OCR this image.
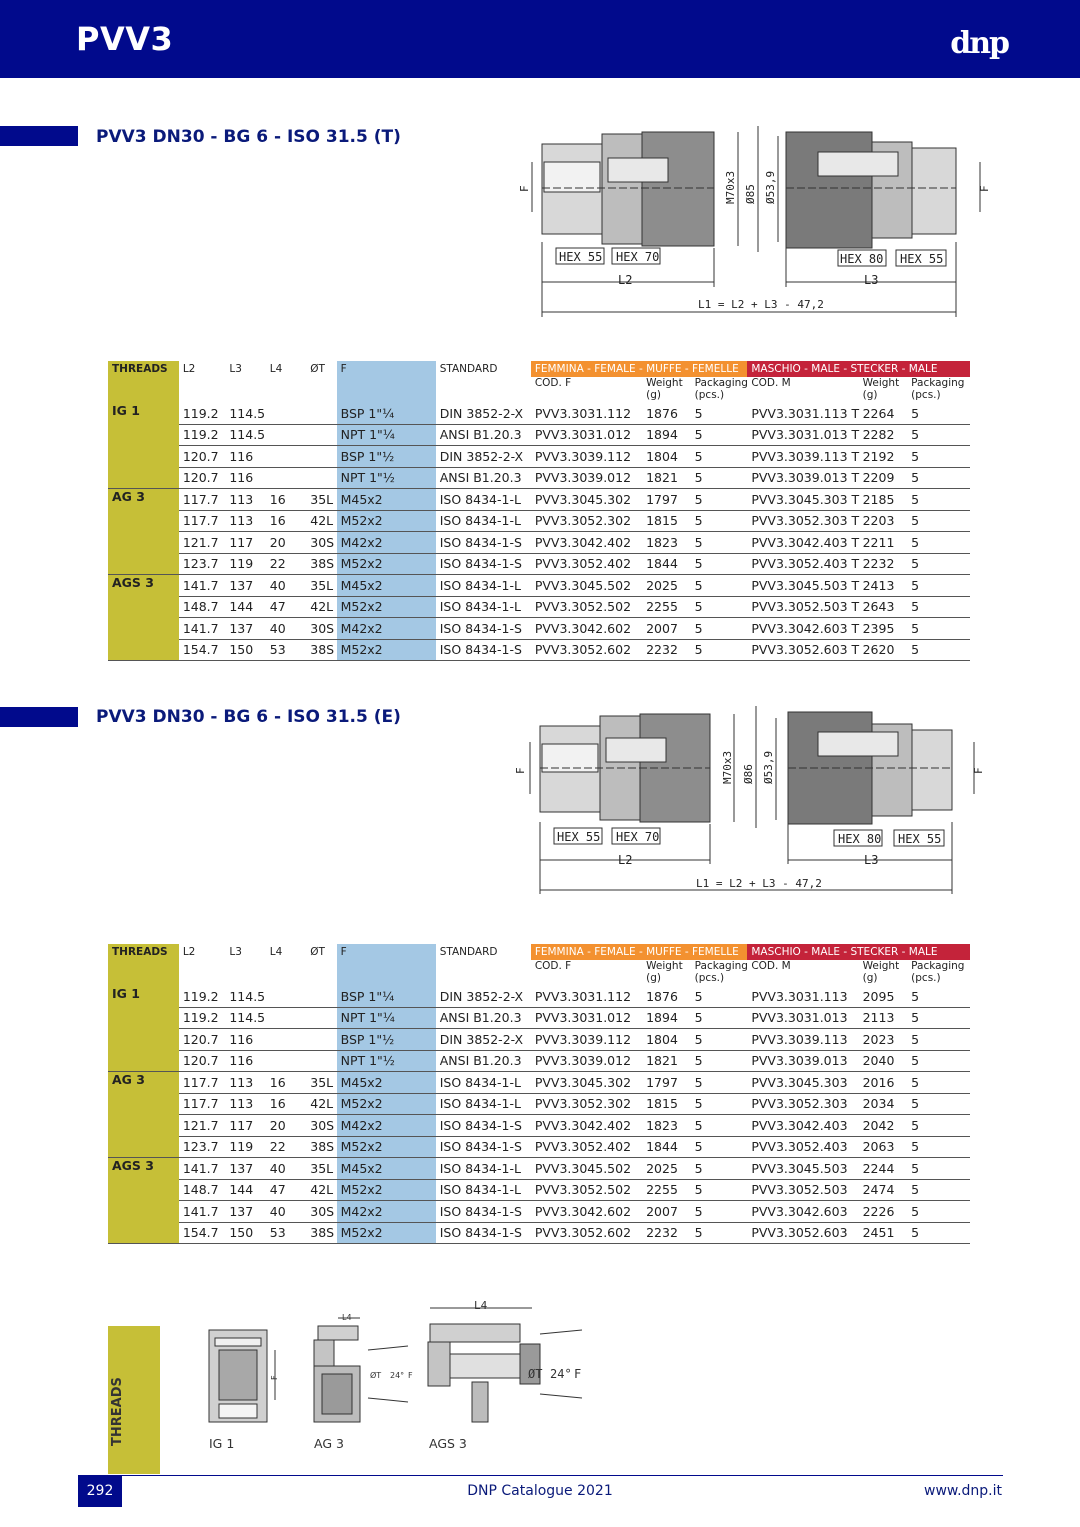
PVV3	dnp
PVV3 DN30 - BG 6 - ISO 31.5 (T)
HEX 55 HEX 70
L2
HEX 80 HEX 55
L3
L1 = L2 + L3 - 47,2
M70x3 Ø85 Ø53,9
F	F
THREADS	L2	L3	L4	ØT	F	STANDARD	FEMMINA - FEMALE - MUFFE - FEMELLE			MASCHIO - MALE - STECKER - MALE		
							COD. F	Weight (g)	Packaging (pcs.)	COD. M	Weight (g)	Packaging (pcs.)
IG 1	119.2	114.5			BSP 1"¼	DIN 3852-2-X	PVV3.3031.112	1876	5	PVV3.3031.113 T	2264	5
	119.2	114.5			NPT 1"¼	ANSI B1.20.3	PVV3.3031.012	1894	5	PVV3.3031.013 T	2282	5
	120.7	116			BSP 1"½	DIN 3852-2-X	PVV3.3039.112	1804	5	PVV3.3039.113 T	2192	5
	120.7	116			NPT 1"½	ANSI B1.20.3	PVV3.3039.012	1821	5	PVV3.3039.013 T	2209	5
AG 3	117.7	113	16	35L	M45x2	ISO 8434-1-L	PVV3.3045.302	1797	5	PVV3.3045.303 T	2185	5
	117.7	113	16	42L	M52x2	ISO 8434-1-L	PVV3.3052.302	1815	5	PVV3.3052.303 T	2203	5
	121.7	117	20	30S	M42x2	ISO 8434-1-S	PVV3.3042.402	1823	5	PVV3.3042.403 T	2211	5
	123.7	119	22	38S	M52x2	ISO 8434-1-S	PVV3.3052.402	1844	5	PVV3.3052.403 T	2232	5
AGS 3	141.7	137	40	35L	M45x2	ISO 8434-1-L	PVV3.3045.502	2025	5	PVV3.3045.503 T	2413	5
	148.7	144	47	42L	M52x2	ISO 8434-1-L	PVV3.3052.502	2255	5	PVV3.3052.503 T	2643	5
	141.7	137	40	30S	M42x2	ISO 8434-1-S	PVV3.3042.602	2007	5	PVV3.3042.603 T	2395	5
	154.7	150	53	38S	M52x2	ISO 8434-1-S	PVV3.3052.602	2232	5	PVV3.3052.603 T	2620	5
PVV3 DN30 - BG 6 - ISO 31.5 (E)
HEX 55 HEX 70
L2
HEX 80 HEX 55
L3
L1 = L2 + L3 - 47,2
M70x3 Ø86 Ø53,9
F	F
THREADS	L2	L3	L4	ØT	F	STANDARD	FEMMINA - FEMALE - MUFFE - FEMELLE			MASCHIO - MALE - STECKER - MALE		
							COD. F	Weight (g)	Packaging (pcs.)	COD. M	Weight (g)	Packaging (pcs.)
IG 1	119.2	114.5			BSP 1"¼	DIN 3852-2-X	PVV3.3031.112	1876	5	PVV3.3031.113	2095	5
	119.2	114.5			NPT 1"¼	ANSI B1.20.3	PVV3.3031.012	1894	5	PVV3.3031.013	2113	5
	120.7	116			BSP 1"½	DIN 3852-2-X	PVV3.3039.112	1804	5	PVV3.3039.113	2023	5
	120.7	116			NPT 1"½	ANSI B1.20.3	PVV3.3039.012	1821	5	PVV3.3039.013	2040	5
AG 3	117.7	113	16	35L	M45x2	ISO 8434-1-L	PVV3.3045.302	1797	5	PVV3.3045.303	2016	5
	117.7	113	16	42L	M52x2	ISO 8434-1-L	PVV3.3052.302	1815	5	PVV3.3052.303	2034	5
	121.7	117	20	30S	M42x2	ISO 8434-1-S	PVV3.3042.402	1823	5	PVV3.3042.403	2042	5
	123.7	119	22	38S	M52x2	ISO 8434-1-S	PVV3.3052.402	1844	5	PVV3.3052.403	2063	5
AGS 3	141.7	137	40	35L	M45x2	ISO 8434-1-L	PVV3.3045.502	2025	5	PVV3.3045.503	2244	5
	148.7	144	47	42L	M52x2	ISO 8434-1-L	PVV3.3052.502	2255	5	PVV3.3052.503	2474	5
	141.7	137	40	30S	M42x2	ISO 8434-1-S	PVV3.3042.602	2007	5	PVV3.3042.603	2226	5
	154.7	150	53	38S	M52x2	ISO 8434-1-S	PVV3.3052.602	2232	5	PVV3.3052.603	2451	5
THREADS	F
IG 1
L4
ØT 24° F
AG 3
L4
ØT 24° F
AGS 3
292	DNP Catalogue 2021	www.dnp.it
